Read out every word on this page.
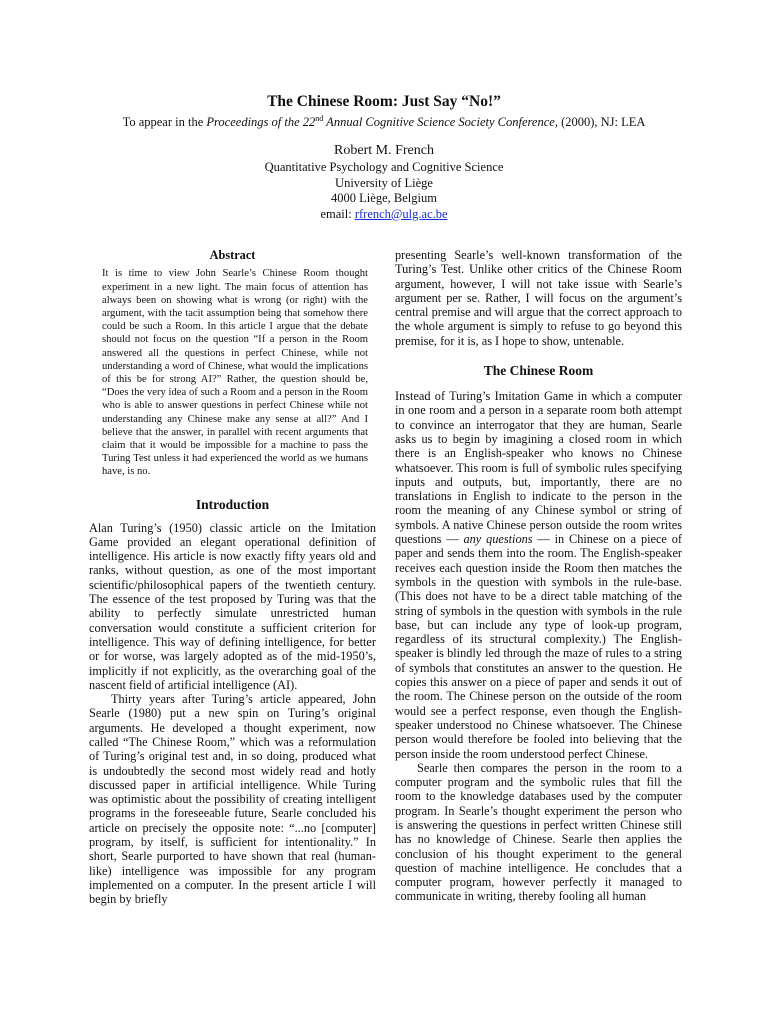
The Chinese Room: Just Say “No!”
To appear in the Proceedings of the 22nd Annual Cognitive Science Society Conference, (2000), NJ: LEA
Robert M. French
Quantitative Psychology and Cognitive Science
University of Liège
4000 Liège, Belgium
email: rfrench@ulg.ac.be
Abstract

It is time to view John Searle’s Chinese Room thought experiment in a new light. The main focus of attention has always been on showing what is wrong (or right) with the argument, with the tacit assumption being that somehow there could be such a Room. In this article I argue that the debate should not focus on the question “If a person in the Room answered all the questions in perfect Chinese, while not understanding a word of Chinese, what would the implications of this be for strong AI?” Rather, the question should be, “Does the very idea of such a Room and a person in the Room who is able to answer questions in perfect Chinese while not understanding any Chinese make any sense at all?” And I believe that the answer, in parallel with recent arguments that claim that it would be impossible for a machine to pass the Turing Test unless it had experienced the world as we humans have, is no.

Introduction

Alan Turing’s (1950) classic article on the Imitation Game provided an elegant operational definition of intelligence. His article is now exactly fifty years old and ranks, without question, as one of the most important scientific/philosophical papers of the twentieth century. The essence of the test proposed by Turing was that the ability to perfectly simulate unrestricted human conversation would constitute a sufficient criterion for intelligence. This way of defining intelligence, for better or for worse, was largely adopted as of the mid-1950’s, implicitly if not explicitly, as the overarching goal of the nascent field of artificial intelligence (AI).

Thirty years after Turing’s article appeared, John Searle (1980) put a new spin on Turing’s original arguments. He developed a thought experiment, now called “The Chinese Room,” which was a reformulation of Turing’s original test and, in so doing, produced what is undoubtedly the second most widely read and hotly discussed paper in artificial intelligence. While Turing was optimistic about the possibility of creating intelligent programs in the foreseeable future, Searle concluded his article on precisely the opposite note: “...no [computer] program, by itself, is sufficient for intentionality.” In short, Searle purported to have shown that real (human-like) intelligence was impossible for any program implemented on a computer. In the present article I will begin by briefly

presenting Searle’s well-known transformation of the Turing’s Test. Unlike other critics of the Chinese Room argument, however, I will not take issue with Searle’s argument per se. Rather, I will focus on the argument’s central premise and will argue that the correct approach to the whole argument is simply to refuse to go beyond this premise, for it is, as I hope to show, untenable.

The Chinese Room

Instead of Turing’s Imitation Game in which a computer in one room and a person in a separate room both attempt to convince an interrogator that they are human, Searle asks us to begin by imagining a closed room in which there is an English-speaker who knows no Chinese whatsoever. This room is full of symbolic rules specifying inputs and outputs, but, importantly, there are no translations in English to indicate to the person in the room the meaning of any Chinese symbol or string of symbols. A native Chinese person outside the room writes questions — any questions — in Chinese on a piece of paper and sends them into the room. The English-speaker receives each question inside the Room then matches the symbols in the question with symbols in the rule-base. (This does not have to be a direct table matching of the string of symbols in the question with symbols in the rule base, but can include any type of look-up program, regardless of its structural complexity.) The English-speaker is blindly led through the maze of rules to a string of symbols that constitutes an answer to the question. He copies this answer on a piece of paper and sends it out of the room. The Chinese person on the outside of the room would see a perfect response, even though the English-speaker understood no Chinese whatsoever. The Chinese person would therefore be fooled into believing that the person inside the room understood perfect Chinese.

Searle then compares the person in the room to a computer program and the symbolic rules that fill the room to the knowledge databases used by the computer program. In Searle’s thought experiment the person who is answering the questions in perfect written Chinese still has no knowledge of Chinese. Searle then applies the conclusion of his thought experiment to the general question of machine intelligence. He concludes that a computer program, however perfectly it managed to communicate in writing, thereby fooling all human
